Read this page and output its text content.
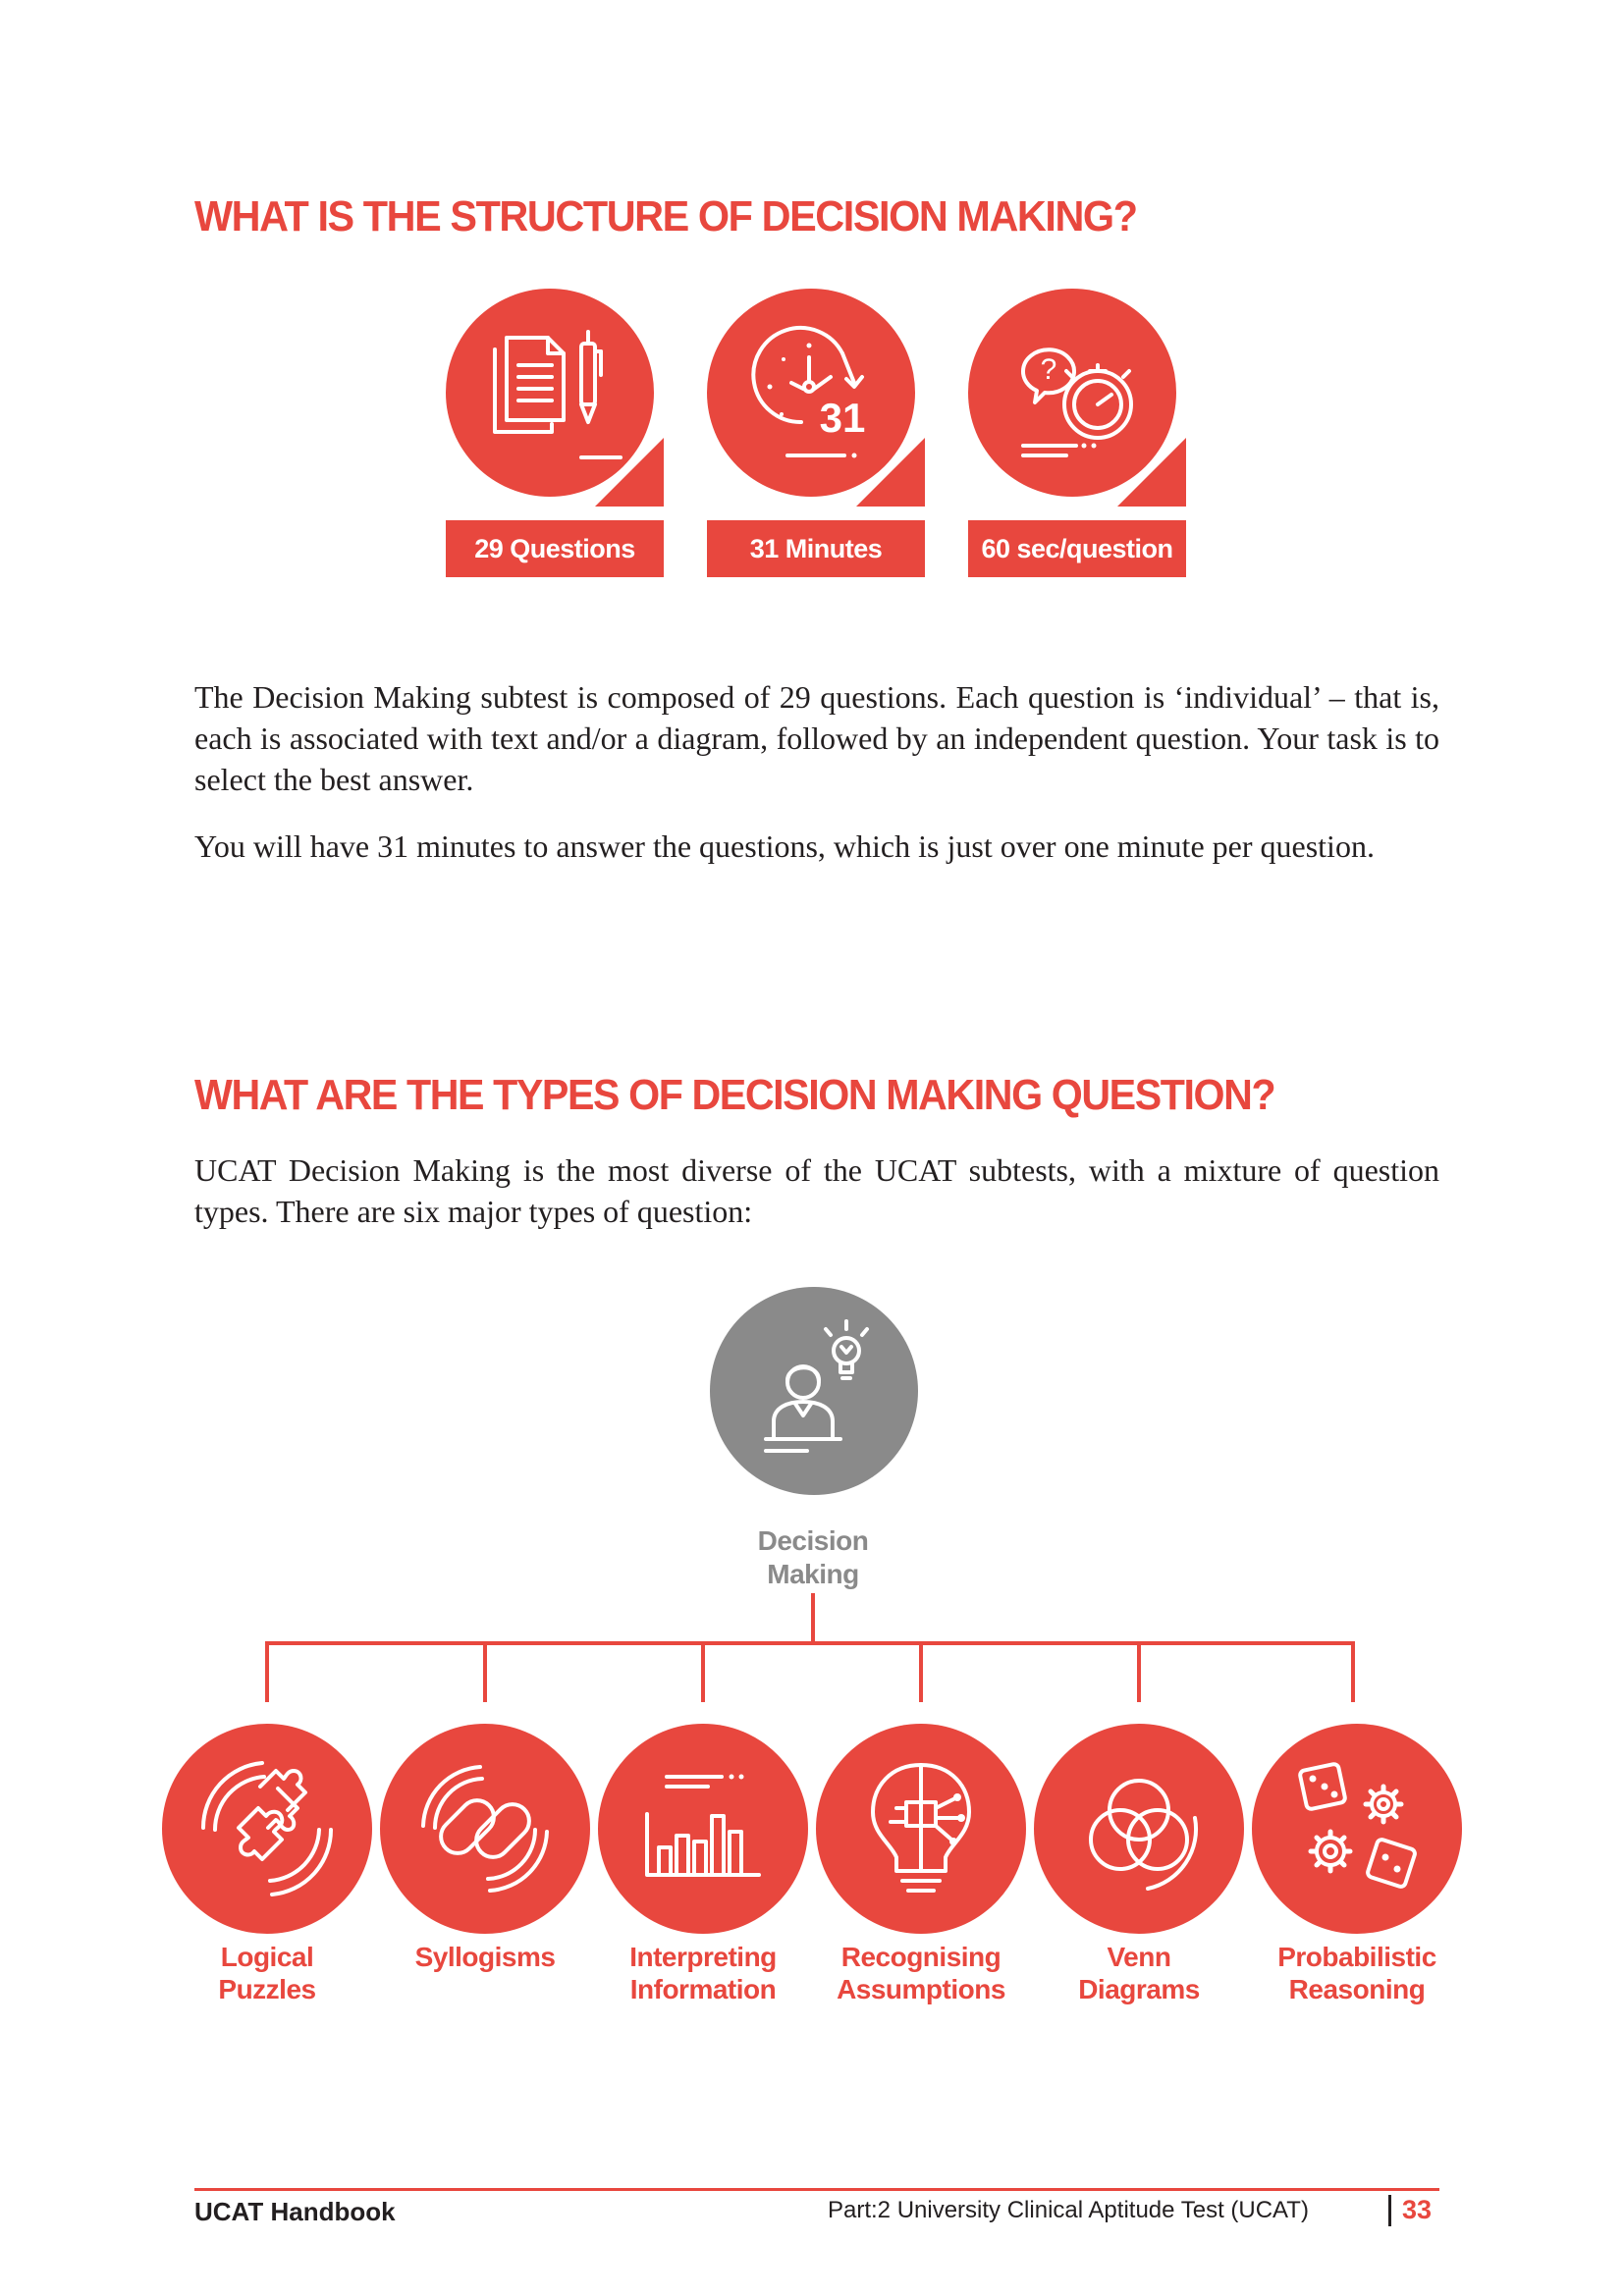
WHAT IS THE STRUCTURE OF DECISION MAKING?
29 Questions
31
31 Minutes
?
60 sec/question

The Decision Making subtest is composed of 29 questions. Each question is ‘individual’ – that is, each is associated with text and/or a diagram, followed by an independent question. Your task is to select the best answer.

You will have 31 minutes to answer the questions, which is just over one minute per question.

WHAT ARE THE TYPES OF DECISION MAKING QUESTION?

UCAT Decision Making is the most diverse of the UCAT subtests, with a mixture of question types. There are six major types of question:

Decision
Making
Logical
Puzzles
Syllogisms	Interpreting
Information
Recognising
Assumptions
Venn
Diagrams
Probabilistic
Reasoning
UCAT Handbook	Part:2 University Clinical Aptitude Test (UCAT)	33
